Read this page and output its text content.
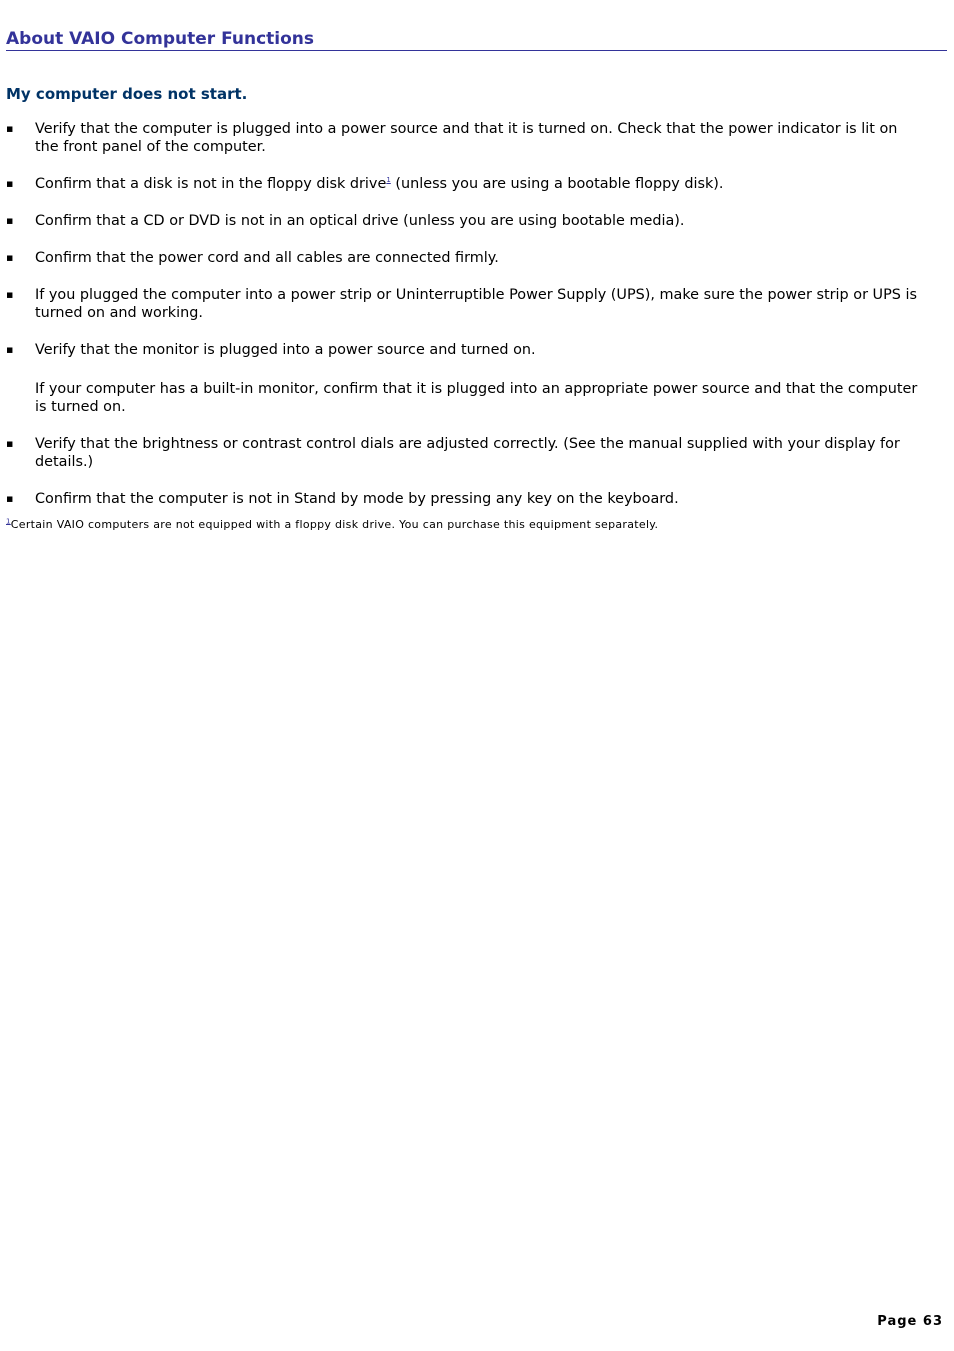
About VAIO Computer Functions
My computer does not start.
▪ Verify that the computer is plugged into a power source and that it is turned on. Check that the power indicator is lit on the front panel of the computer.
▪ Confirm that a disk is not in the floppy disk drive$^1$ (unless you are using a bootable floppy disk).
▪ Confirm that a CD or DVD is not in an optical drive (unless you are using bootable media).
▪ Confirm that the power cord and all cables are connected firmly.
▪ If you plugged the computer into a power strip or Uninterruptible Power Supply (UPS), make sure the power strip or UPS is turned on and working.
▪ Verify that the monitor is plugged into a power source and turned on.

If your computer has a built-in monitor, confirm that it is plugged into an appropriate power source and that the computer is turned on.

▪ Verify that the brightness or contrast control dials are adjusted correctly. (See the manual supplied with your display for details.)
▪ Confirm that the computer is not in Stand by mode by pressing any key on the keyboard.
$^1$Certain VAIO computers are not equipped with a floppy disk drive. You can purchase this equipment separately.
Page 63
